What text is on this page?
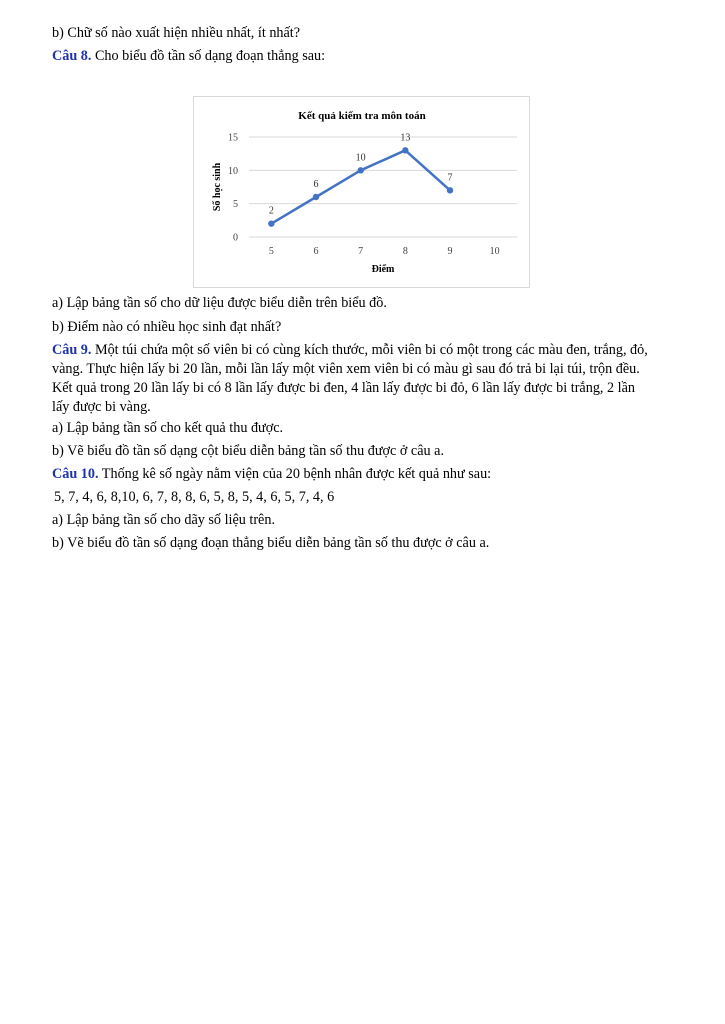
b) Chữ số nào xuất hiện nhiều nhất, ít nhất?
Câu 8. Cho biểu đồ tần số dạng đoạn thẳng sau:
Kết quả kiểm tra môn toán
0
5
10
15
5	6	7	8	9	10
2
6
10
13
7
Điểm
Số học sinh
a) Lập bảng tần số cho dữ liệu được biểu diễn trên biểu đồ.
b) Điểm nào có nhiều học sinh đạt nhất?
Câu 9. Một túi chứa một số viên bi có cùng kích thước, mỗi viên bi có một trong các màu đen, trắng, đỏ,
vàng. Thực hiện lấy bi 20 lần, mỗi lần lấy một viên xem viên bi có màu gì sau đó trả bi lại túi, trộn đều.
Kết quả trong 20 lần lấy bi có 8 lần lấy được bi đen, 4 lần lấy được bi đỏ, 6 lần lấy được bi trắng, 2 lần
lấy được bi vàng.
a) Lập bảng tần số cho kết quả thu được.
b) Vẽ biểu đồ tần số dạng cột biểu diễn bảng tần số thu được ở câu a.
Câu 10. Thống kê số ngày nằm viện của 20 bệnh nhân được kết quả như sau:
5, 7, 4, 6, 8,10, 6, 7, 8, 8, 6, 5, 8, 5, 4, 6, 5, 7, 4, 6
a) Lập bảng tần số cho dãy số liệu trên.
b) Vẽ biểu đồ tần số dạng đoạn thẳng biểu diễn bảng tần số thu được ở câu a.
